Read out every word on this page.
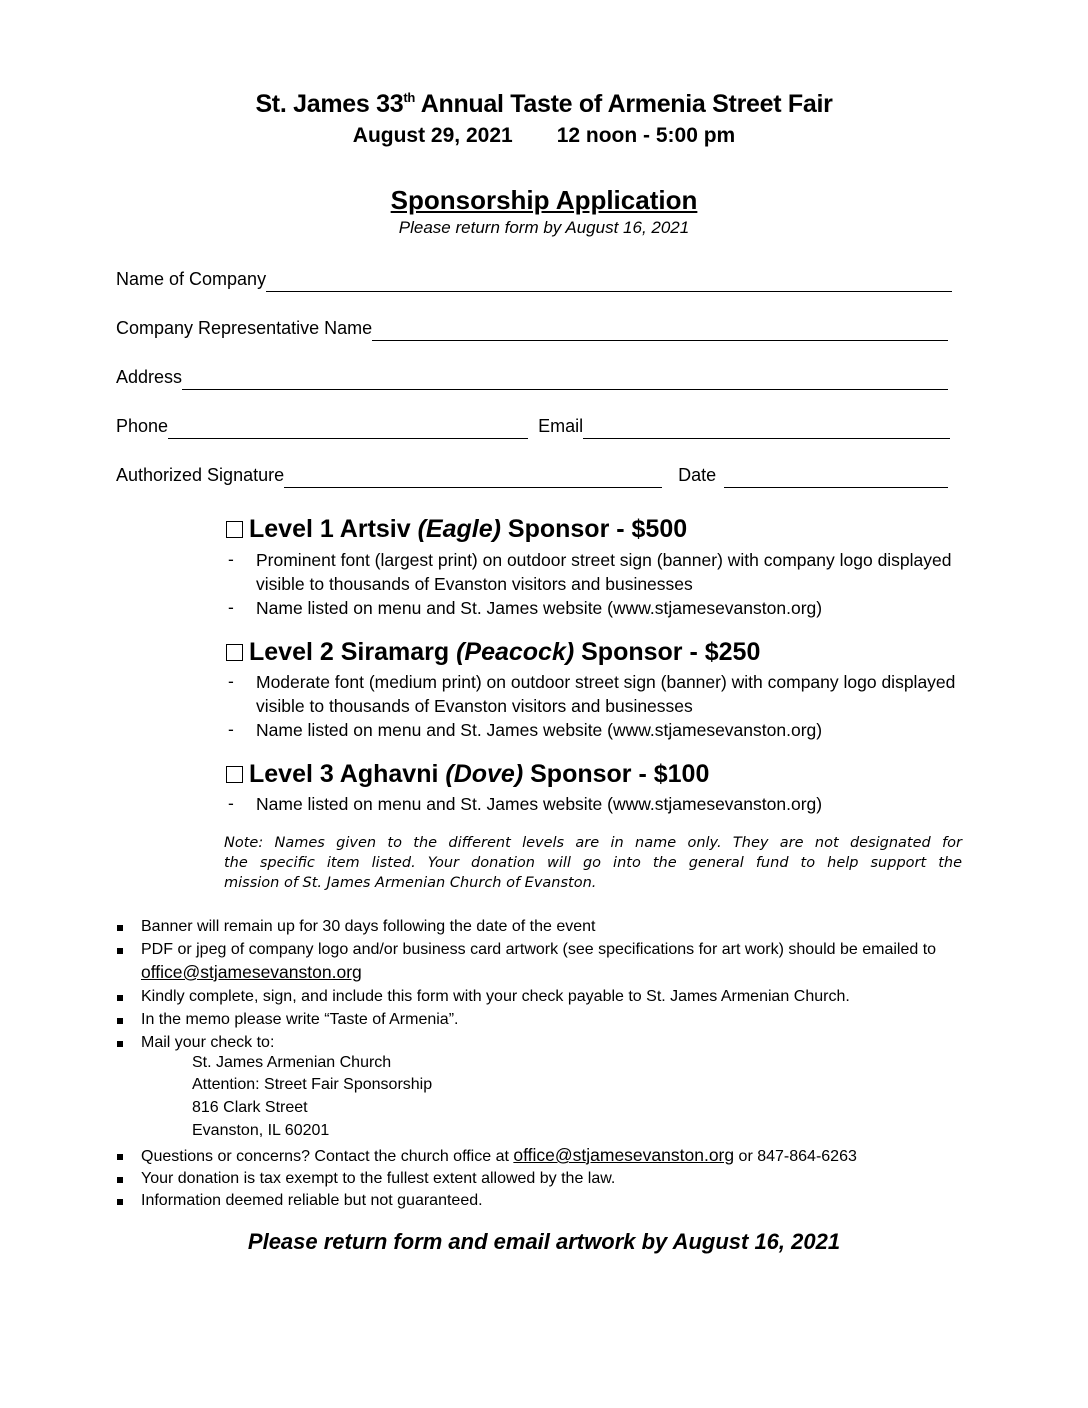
St. James 33th Annual Taste of Armenia Street Fair
August 29, 2021 12 noon - 5:00 pm
Sponsorship Application
Please return form by August 16, 2021
Name of Company
Company Representative Name
Address
Phone	Email
Authorized Signature	Date
Level 1 Artsiv (Eagle) Sponsor - $500
- Prominent font (largest print) on outdoor street sign (banner) with company logo displayed visible to thousands of Evanston visitors and businesses
- Name listed on menu and St. James website (www.stjamesevanston.org)
Level 2 Siramarg (Peacock) Sponsor - $250
- Moderate font (medium print) on outdoor street sign (banner) with company logo displayed visible to thousands of Evanston visitors and businesses
- Name listed on menu and St. James website (www.stjamesevanston.org)
Level 3 Aghavni (Dove) Sponsor - $100
- Name listed on menu and St. James website (www.stjamesevanston.org)
Note: Names given to the different levels are in name only. They are not designated for
the specific item listed. Your donation will go into the general fund to help support the
mission of St. James Armenian Church of Evanston.
Banner will remain up for 30 days following the date of the event
PDF or jpeg of company logo and/or business card artwork (see specifications for art work) should be emailed to
office@stjamesevanston.org
Kindly complete, sign, and include this form with your check payable to St. James Armenian Church.
In the memo please write “Taste of Armenia”.
Mail your check to:
St. James Armenian Church
Attention: Street Fair Sponsorship
816 Clark Street
Evanston, IL 60201
Questions or concerns? Contact the church office at office@stjamesevanston.org or 847-864-6263
Your donation is tax exempt to the fullest extent allowed by the law.
Information deemed reliable but not guaranteed.
Please return form and email artwork by August 16, 2021
